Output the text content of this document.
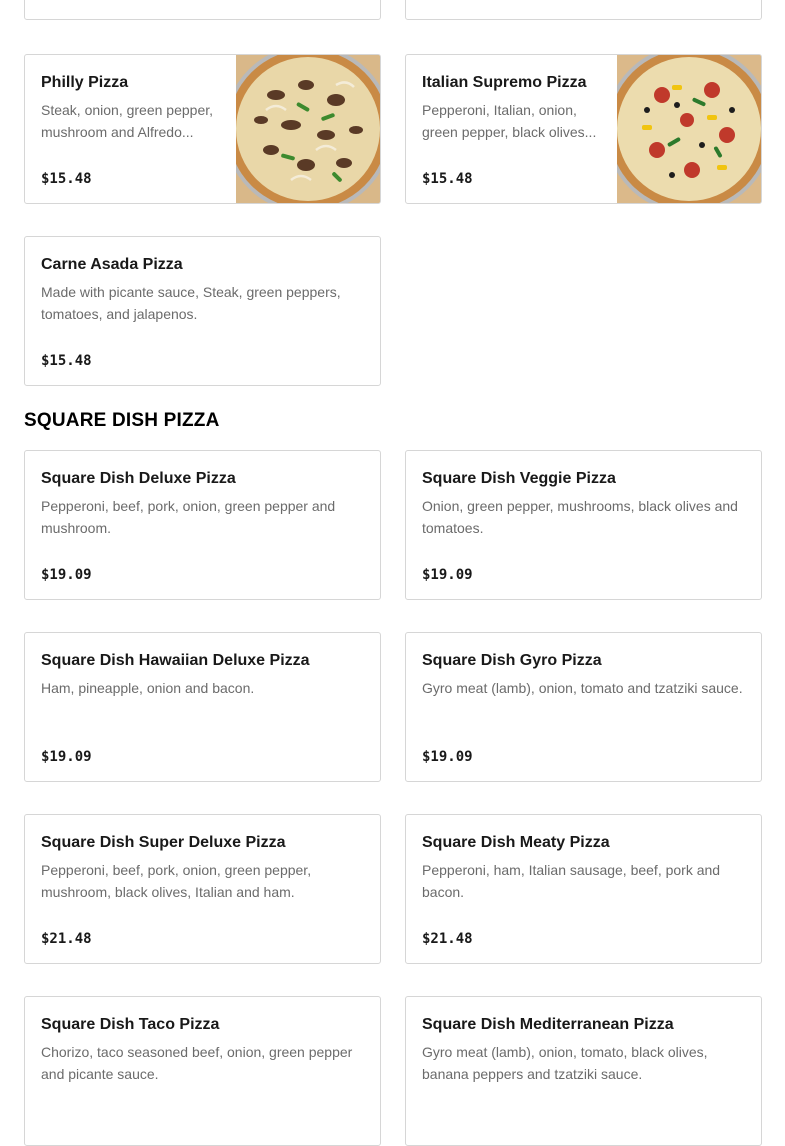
Philly Pizza
Steak, onion, green pepper, mushroom and Alfredo...
$15.48
Italian Supremo Pizza
Pepperoni, Italian, onion, green pepper, black olives...
$15.48
Carne Asada Pizza
Made with picante sauce, Steak, green peppers, tomatoes, and jalapenos.
$15.48
SQUARE DISH PIZZA
Square Dish Deluxe Pizza
Pepperoni, beef, pork, onion, green pepper and mushroom.
$19.09
Square Dish Veggie Pizza
Onion, green pepper, mushrooms, black olives and tomatoes.
$19.09
Square Dish Hawaiian Deluxe Pizza
Ham, pineapple, onion and bacon.
$19.09
Square Dish Gyro Pizza
Gyro meat (lamb), onion, tomato and tzatziki sauce.
$19.09
Square Dish Super Deluxe Pizza
Pepperoni, beef, pork, onion, green pepper, mushroom, black olives, Italian and ham.
$21.48
Square Dish Meaty Pizza
Pepperoni, ham, Italian sausage, beef, pork and bacon.
$21.48
Square Dish Taco Pizza
Chorizo, taco seasoned beef, onion, green pepper and picante sauce.
Square Dish Mediterranean Pizza
Gyro meat (lamb), onion, tomato, black olives, banana peppers and tzatziki sauce.
